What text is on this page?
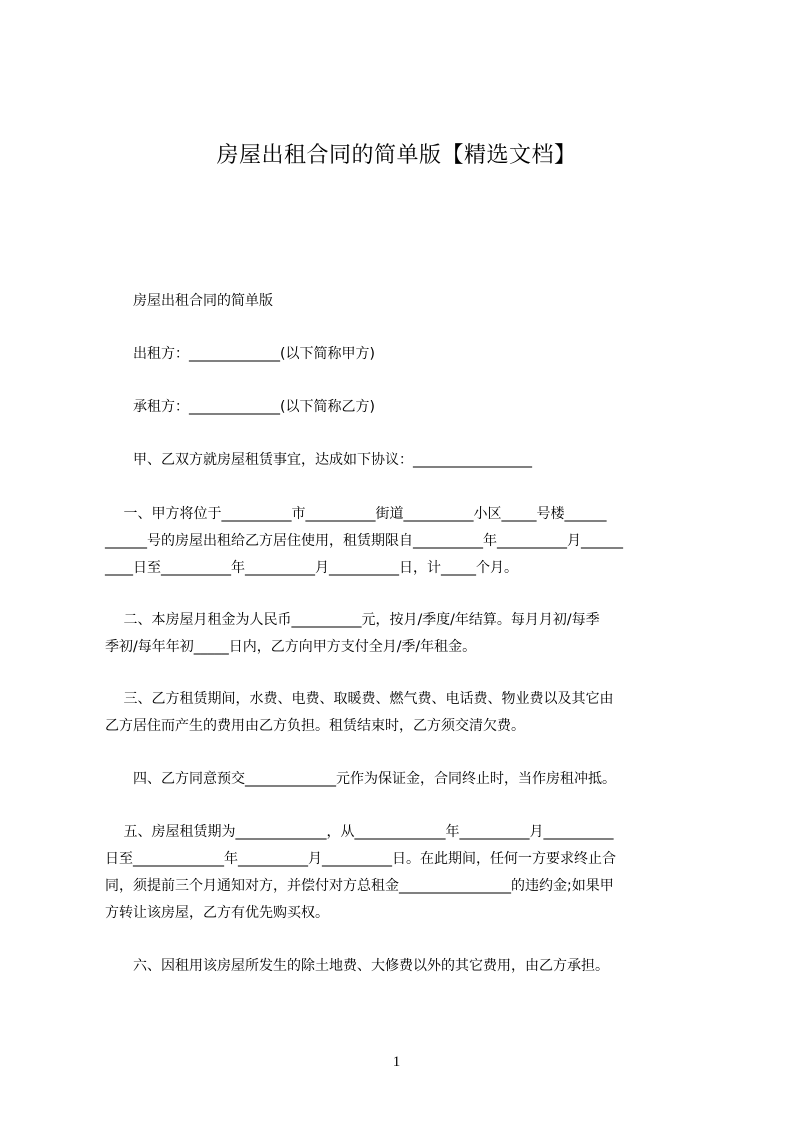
房屋出租合同的简单版【精选文档】
　　房屋出租合同的简单版
　　出租方：_____________(以下简称甲方)
　　承租方：_____________(以下简称乙方)
　　甲、乙双方就房屋租赁事宜，达成如下协议：_________________
　 一、甲方将位于__________市__________街道__________小区_____号楼______
______号的房屋出租给乙方居住使用，租赁期限自__________年__________月______
____日至__________年__________月__________日，计_____个月。
　 二、本房屋月租金为人民币__________元，按月/季度/年结算。每月月初/每季
季初/每年年初_____日内，乙方向甲方支付全月/季/年租金。
　 三、乙方租赁期间，水费、电费、取暖费、燃气费、电话费、物业费以及其它由
乙方居住而产生的费用由乙方负担。租赁结束时，乙方须交清欠费。
　　四、乙方同意预交_____________元作为保证金，合同终止时，当作房租冲抵。
　 五、房屋租赁期为_____________，从_____________年__________月__________
日至_____________年__________月__________日。在此期间，任何一方要求终止合
同，须提前三个月通知对方，并偿付对方总租金________________的违约金;如果甲
方转让该房屋，乙方有优先购买权。
　　六、因租用该房屋所发生的除土地费、大修费以外的其它费用，由乙方承担。
1
